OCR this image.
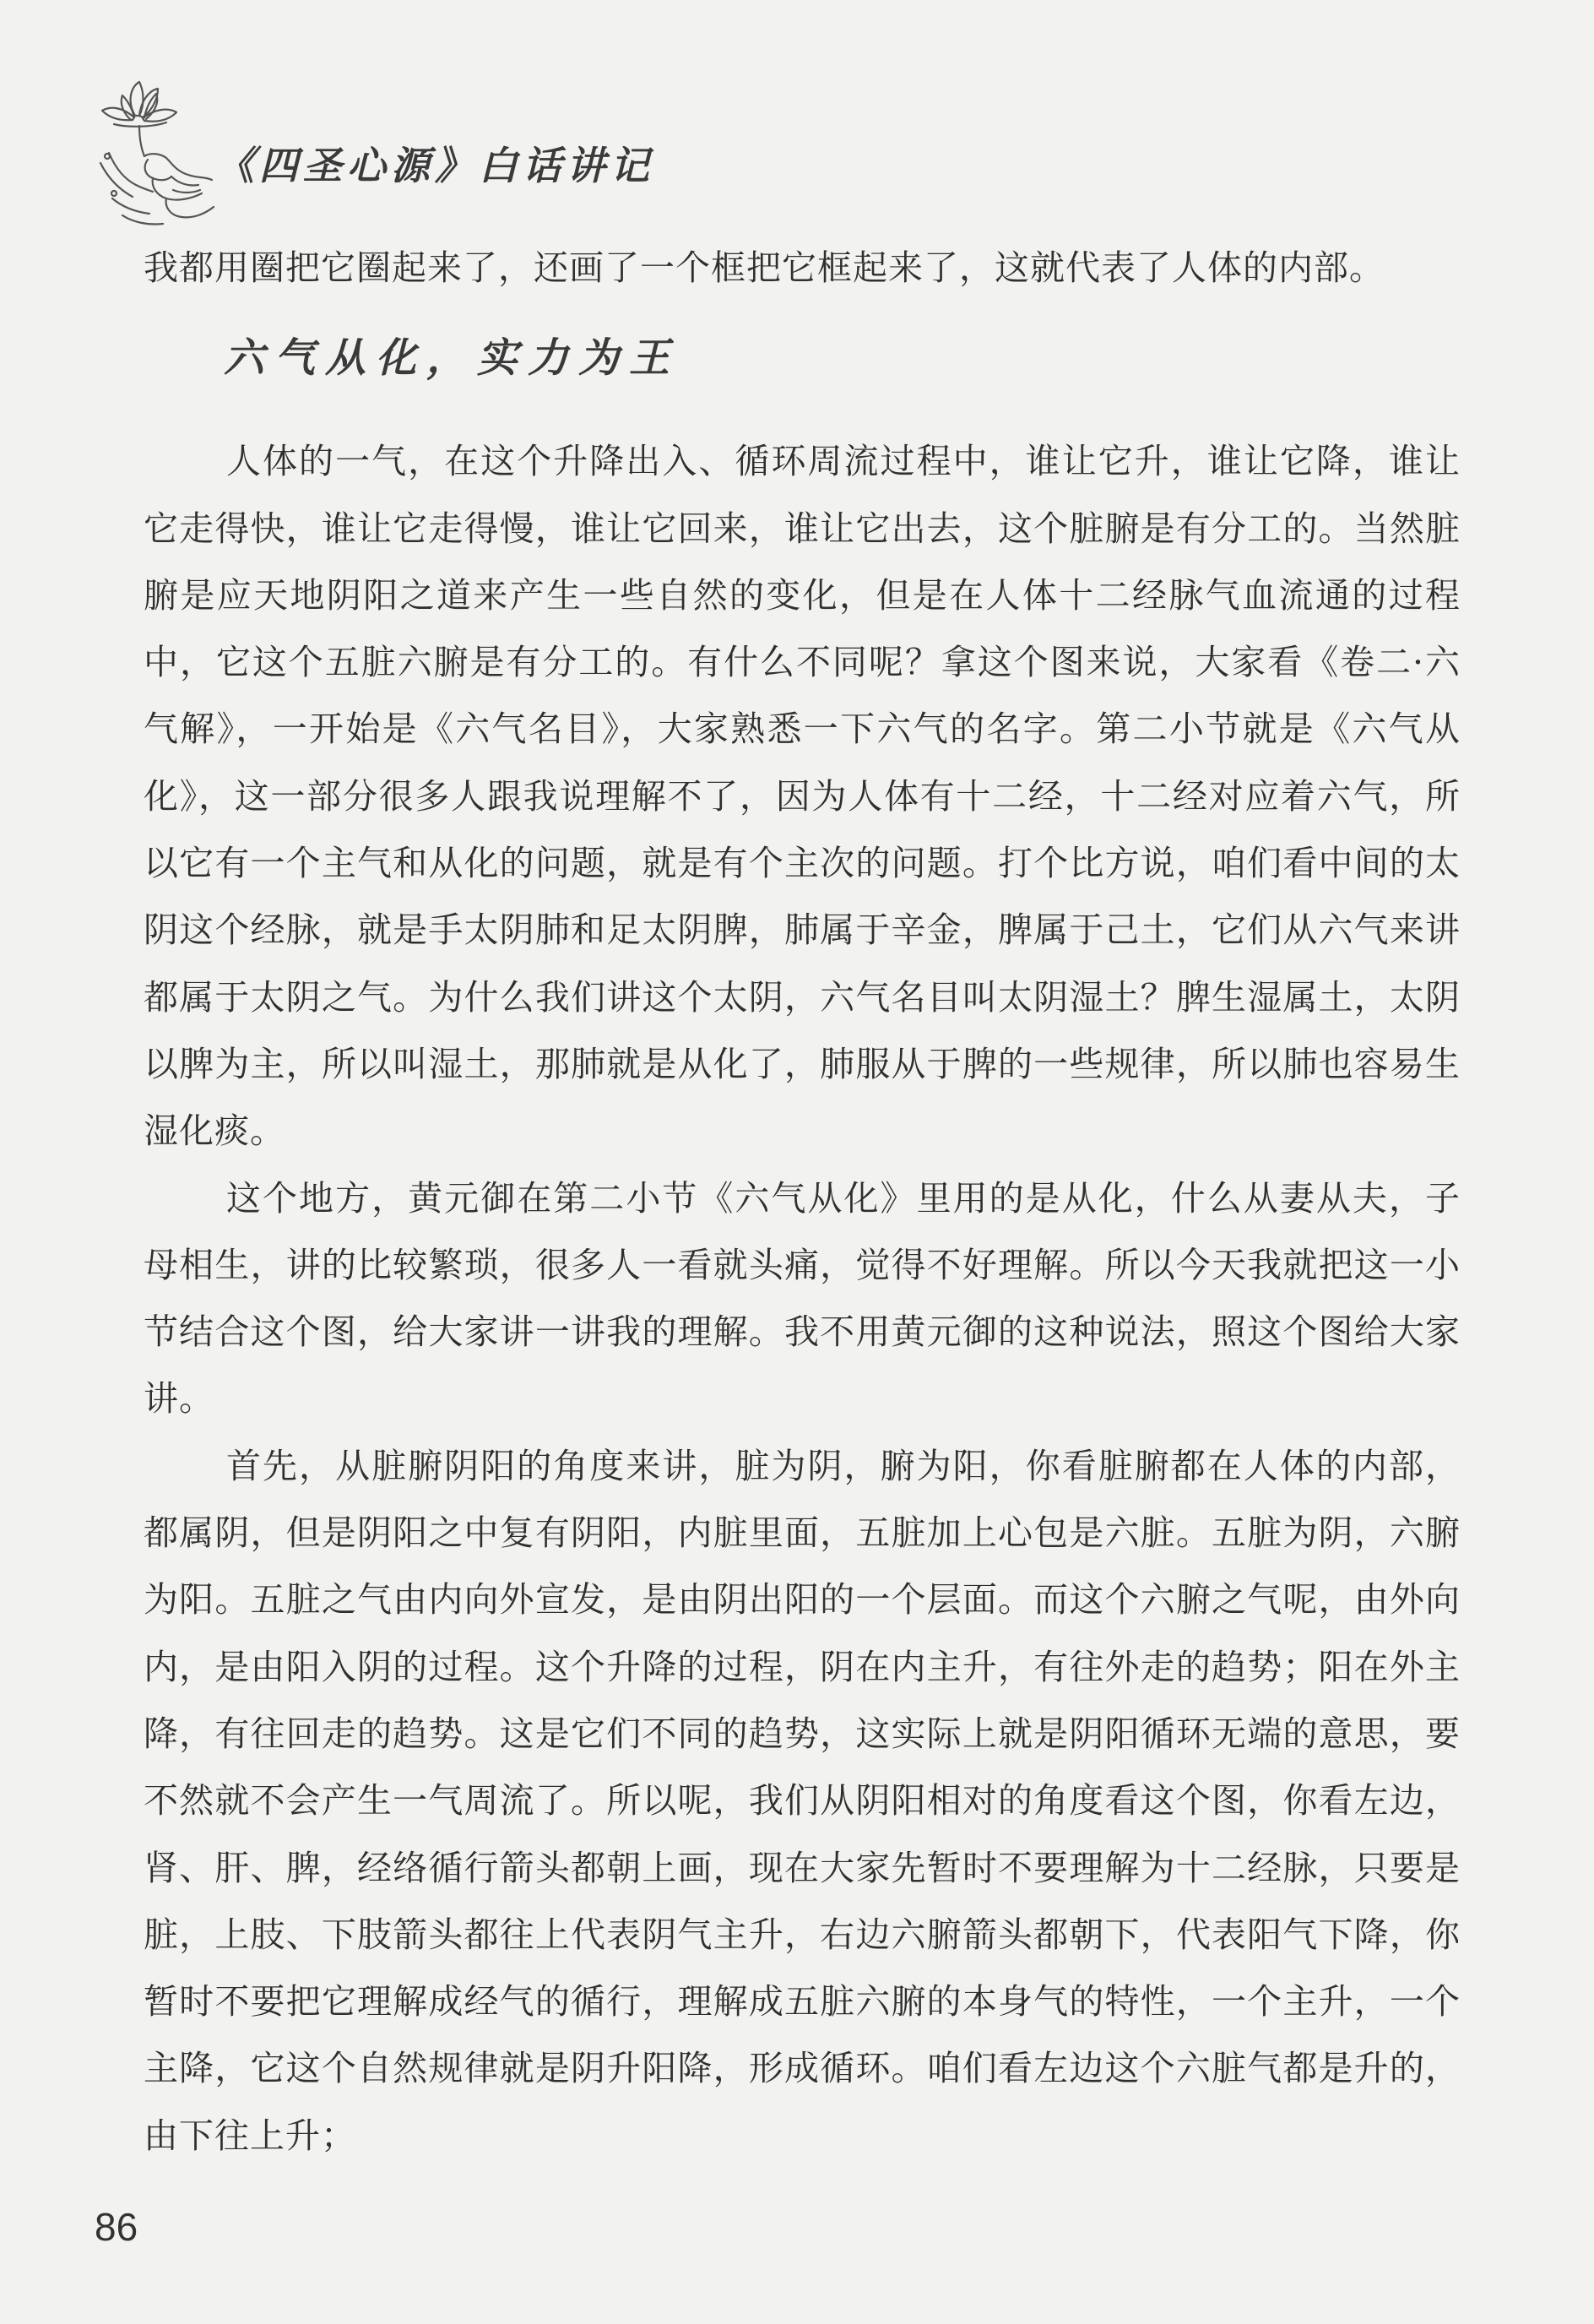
《四圣心源》白话讲记

我都用圈把它圈起来了，还画了一个框把它框起来了，这就代表了人体的内部。

六气从化，实力为王

人体的一气，在这个升降出入、循环周流过程中，谁让它升，谁让它降，谁让它走得快，谁让它走得慢，谁让它回来，谁让它出去，这个脏腑是有分工的。当然脏腑是应天地阴阳之道来产生一些自然的变化，但是在人体十二经脉气血流通的过程中，它这个五脏六腑是有分工的。有什么不同呢？拿这个图来说，大家看《卷二·六气解》，一开始是《六气名目》，大家熟悉一下六气的名字。第二小节就是《六气从化》，这一部分很多人跟我说理解不了，因为人体有十二经，十二经对应着六气，所以它有一个主气和从化的问题，就是有个主次的问题。打个比方说，咱们看中间的太阴这个经脉，就是手太阴肺和足太阴脾，肺属于辛金，脾属于己土，它们从六气来讲都属于太阴之气。为什么我们讲这个太阴，六气名目叫太阴湿土？脾生湿属土，太阴以脾为主，所以叫湿土，那肺就是从化了，肺服从于脾的一些规律，所以肺也容易生湿化痰。

这个地方，黄元御在第二小节《六气从化》里用的是从化，什么从妻从夫，子母相生，讲的比较繁琐，很多人一看就头痛，觉得不好理解。所以今天我就把这一小节结合这个图，给大家讲一讲我的理解。我不用黄元御的这种说法，照这个图给大家讲。

首先，从脏腑阴阳的角度来讲，脏为阴，腑为阳，你看脏腑都在人体的内部，都属阴，但是阴阳之中复有阴阳，内脏里面，五脏加上心包是六脏。五脏为阴，六腑为阳。五脏之气由内向外宣发，是由阴出阳的一个层面。而这个六腑之气呢，由外向内，是由阳入阴的过程。这个升降的过程，阴在内主升，有往外走的趋势；阳在外主降，有往回走的趋势。这是它们不同的趋势，这实际上就是阴阳循环无端的意思，要不然就不会产生一气周流了。所以呢，我们从阴阳相对的角度看这个图，你看左边，肾、肝、脾，经络循行箭头都朝上画，现在大家先暂时不要理解为十二经脉，只要是脏，上肢、下肢箭头都往上代表阴气主升，右边六腑箭头都朝下，代表阳气下降，你暂时不要把它理解成经气的循行，理解成五脏六腑的本身气的特性，一个主升，一个主降，它这个自然规律就是阴升阳降，形成循环。咱们看左边这个六脏气都是升的，由下往上升；

86
